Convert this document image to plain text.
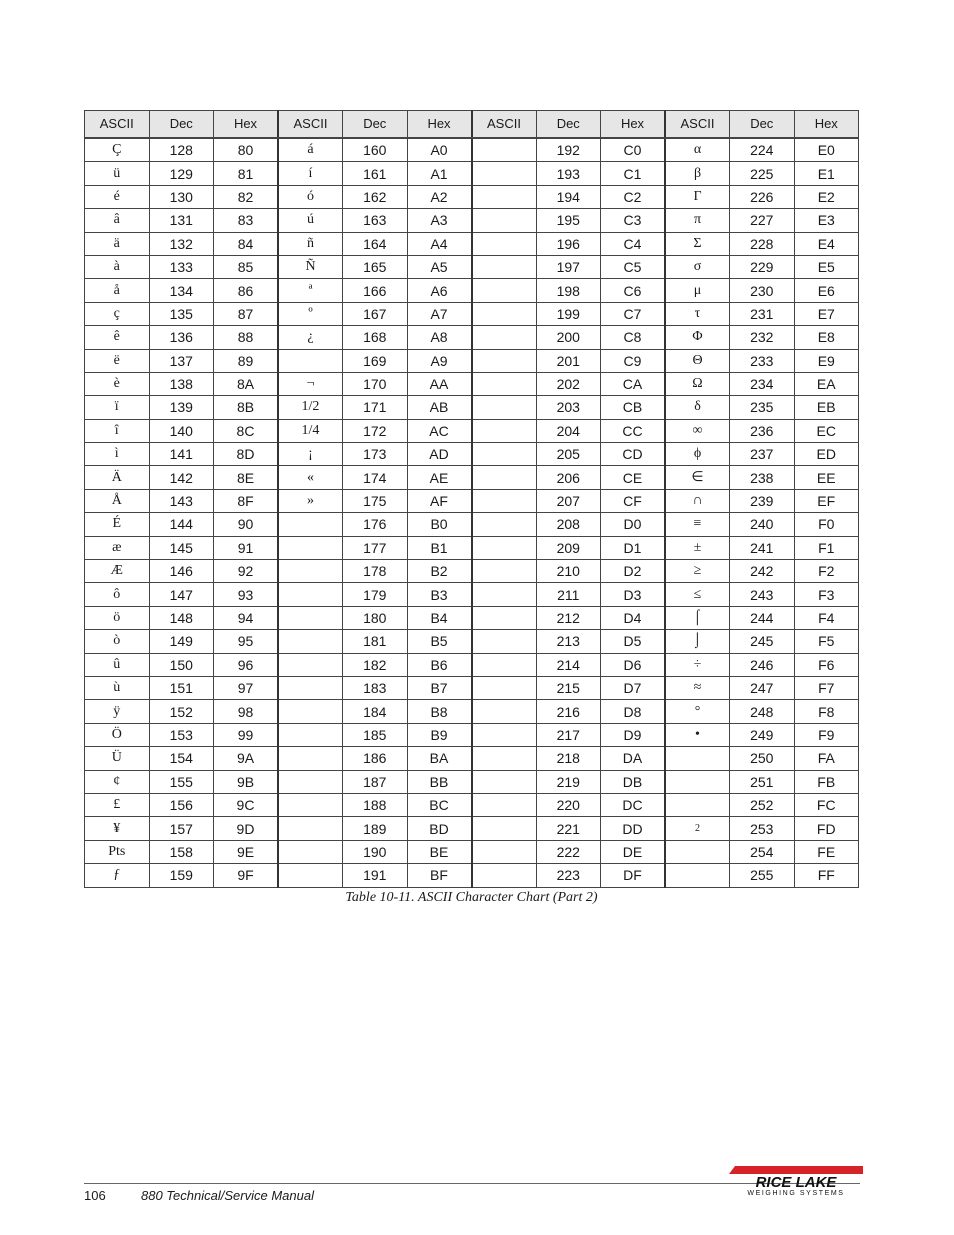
ASCII	Dec	Hex	ASCII	Dec	Hex	ASCII	Dec	Hex	ASCII	Dec	Hex
Ç	128	80	á	160	A0		192	C0	α	224	E0
ü	129	81	í	161	A1		193	C1	β	225	E1
é	130	82	ó	162	A2		194	C2	Γ	226	E2
â	131	83	ú	163	A3		195	C3	π	227	E3
ä	132	84	ñ	164	A4		196	C4	Σ	228	E4
à	133	85	Ñ	165	A5		197	C5	σ	229	E5
å	134	86	ª	166	A6		198	C6	μ	230	E6
ç	135	87	º	167	A7		199	C7	τ	231	E7
ê	136	88	¿	168	A8		200	C8	Φ	232	E8
ë	137	89		169	A9		201	C9	Θ	233	E9
è	138	8A	¬	170	AA		202	CA	Ω	234	EA
ï	139	8B	1/2	171	AB		203	CB	δ	235	EB
î	140	8C	1/4	172	AC		204	CC	∞	236	EC
ì	141	8D	¡	173	AD		205	CD	ϕ	237	ED
Ä	142	8E	«	174	AE		206	CE	∈	238	EE
Å	143	8F	»	175	AF		207	CF	∩	239	EF
É	144	90		176	B0		208	D0	≡	240	F0
æ	145	91		177	B1		209	D1	±	241	F1
Æ	146	92		178	B2		210	D2	≥	242	F2
ô	147	93		179	B3		211	D3	≤	243	F3
ö	148	94		180	B4		212	D4	⌠	244	F4
ò	149	95		181	B5		213	D5	⌡	245	F5
û	150	96		182	B6		214	D6	÷	246	F6
ù	151	97		183	B7		215	D7	≈	247	F7
ÿ	152	98		184	B8		216	D8	°	248	F8
Ö	153	99		185	B9		217	D9	•	249	F9
Ü	154	9A		186	BA		218	DA		250	FA
¢	155	9B		187	BB		219	DB		251	FB
£	156	9C		188	BC		220	DC		252	FC
¥	157	9D		189	BD		221	DD	2	253	FD
Pts	158	9E		190	BE		222	DE		254	FE
ƒ	159	9F		191	BF		223	DF		255	FF
Table 10-11. ASCII Character Chart (Part 2)
106	880 Technical/Service Manual
RICE LAKE
WEIGHING SYSTEMS
